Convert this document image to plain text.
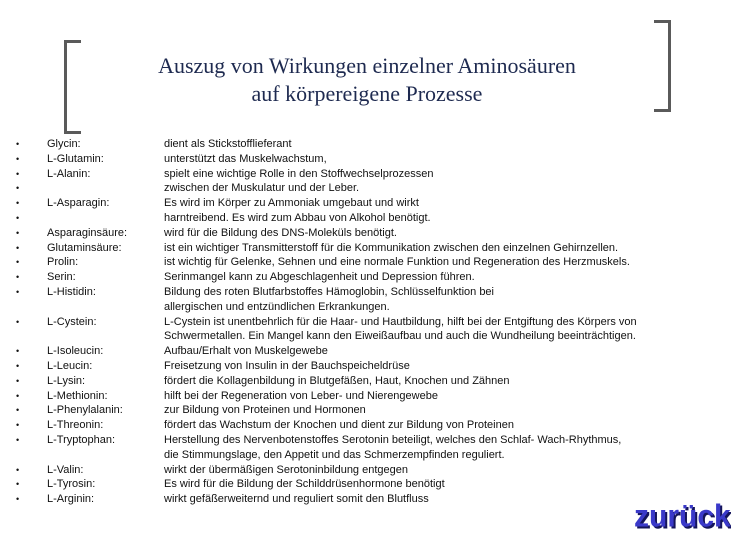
Auszug von Wirkungen einzelner Aminosäuren
auf körpereigene Prozesse
•	Glycin:	dient als Stickstofflieferant
•	L-Glutamin:	unterstützt das Muskelwachstum,
•	L-Alanin:	spielt eine wichtige Rolle in den Stoffwechselprozessen
•	zwischen der Muskulatur und der Leber.
•	L-Asparagin:	Es wird im Körper zu Ammoniak umgebaut und wirkt
•	harntreibend. Es wird zum Abbau von Alkohol benötigt.
•	Asparaginsäure:	wird für die Bildung des DNS-Moleküls benötigt.
•	Glutaminsäure:	ist ein wichtiger Transmitterstoff für die Kommunikation zwischen den einzelnen Gehirnzellen.
•	Prolin:	ist wichtig für Gelenke, Sehnen und eine normale Funktion und Regeneration des Herzmuskels.
•	Serin:	Serinmangel kann zu Abgeschlagenheit und Depression führen.
•	L-Histidin:	Bildung des roten Blutfarbstoffes Hämoglobin, Schlüsselfunktion bei
allergischen und entzündlichen Erkrankungen.
•	L-Cystein:	L-Cystein ist unentbehrlich für die Haar- und Hautbildung, hilft bei der Entgiftung des Körpers von
Schwermetallen. Ein Mangel kann den Eiweißaufbau und auch die Wundheilung beeinträchtigen.
•	L-Isoleucin:	Aufbau/Erhalt von Muskelgewebe
•	L-Leucin:	Freisetzung von Insulin in der Bauchspeicheldrüse
•	L-Lysin:	fördert die Kollagenbildung in Blutgefäßen, Haut, Knochen und Zähnen
•	L-Methionin:	hilft bei der Regeneration von Leber- und Nierengewebe
•	L-Phenylalanin:	zur Bildung von Proteinen und Hormonen
•	L-Threonin:	fördert das Wachstum der Knochen und dient zur Bildung von Proteinen
•	L-Tryptophan:	Herstellung des Nervenbotenstoffes Serotonin beteiligt, welches den Schlaf- Wach-Rhythmus,
die Stimmungslage, den Appetit und das Schmerzempfinden reguliert.
•	L-Valin:	wirkt der übermäßigen Serotoninbildung entgegen
•	L-Tyrosin:	Es wird für die Bildung der Schilddrüsenhormone benötigt
•	L-Arginin:	wirkt gefäßerweiternd und reguliert somit den Blutfluss
zurück
